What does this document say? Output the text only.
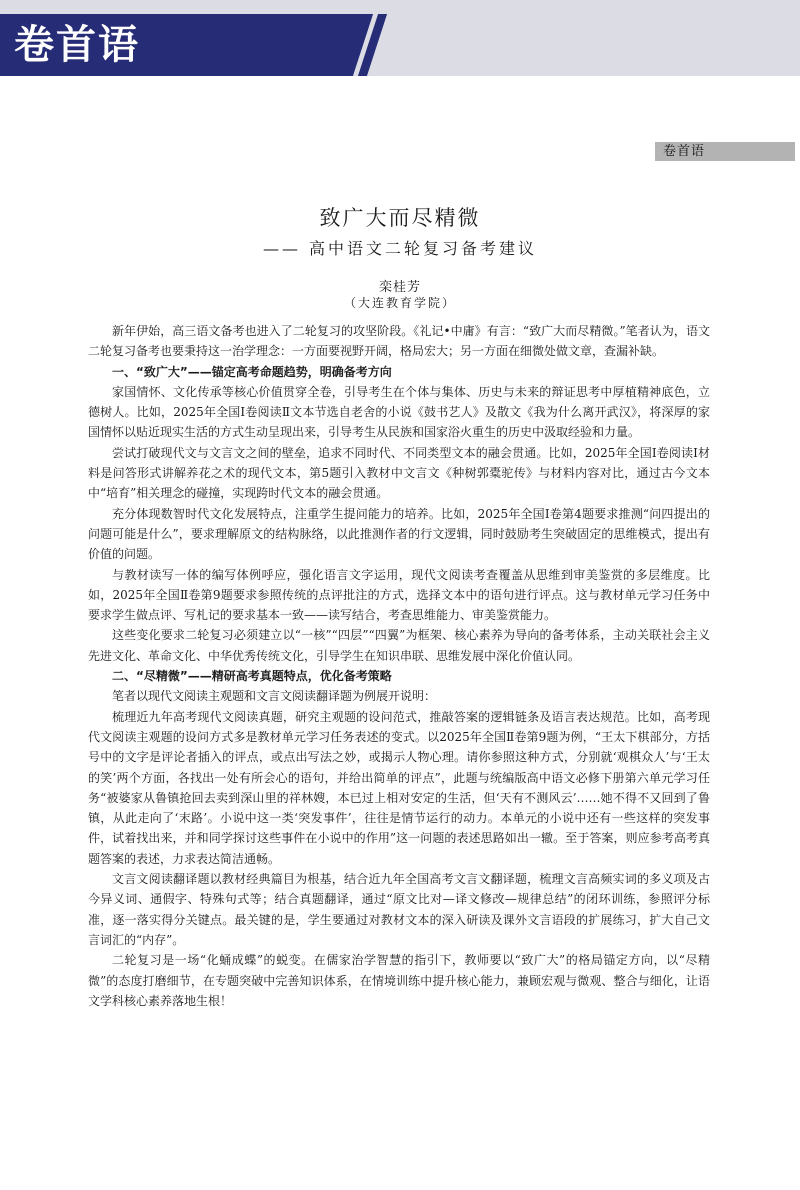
卷首语
卷首语
致广大而尽精微
—— 高中语文二轮复习备考建议
栾桂芳
（大连教育学院）

新年伊始，高三语文备考也进入了二轮复习的攻坚阶段。《礼记•中庸》有言：“致广大而尽精微。”笔者认为，语文二轮复习备考也要秉持这一治学理念：一方面要视野开阔，格局宏大；另一方面在细微处做文章，查漏补缺。

一、“致广大”——锚定高考命题趋势，明确备考方向

家国情怀、文化传承等核心价值贯穿全卷，引导考生在个体与集体、历史与未来的辩证思考中厚植精神底色，立德树人。比如，2025年全国Ⅰ卷阅读Ⅱ文本节选自老舍的小说《鼓书艺人》及散文《我为什么离开武汉》，将深厚的家国情怀以贴近现实生活的方式生动呈现出来，引导考生从民族和国家浴火重生的历史中汲取经验和力量。

尝试打破现代文与文言文之间的壁垒，追求不同时代、不同类型文本的融会贯通。比如，2025年全国Ⅰ卷阅读Ⅰ材料是问答形式讲解养花之术的现代文本，第5题引入教材中文言文《种树郭橐驼传》与材料内容对比，通过古今文本中“培育”相关理念的碰撞，实现跨时代文本的融会贯通。

充分体现数智时代文化发展特点，注重学生提问能力的培养。比如，2025年全国Ⅰ卷第4题要求推测“问四提出的问题可能是什么”，要求理解原文的结构脉络，以此推测作者的行文逻辑，同时鼓励考生突破固定的思维模式，提出有价值的问题。

与教材读写一体的编写体例呼应，强化语言文字运用，现代文阅读考查覆盖从思维到审美鉴赏的多层维度。比如，2025年全国Ⅱ卷第9题要求参照传统的点评批注的方式，选择文本中的语句进行评点。这与教材单元学习任务中要求学生做点评、写札记的要求基本一致——读写结合，考查思维能力、审美鉴赏能力。

这些变化要求二轮复习必须建立以“一核”“四层”“四翼”为框架、核心素养为导向的备考体系，主动关联社会主义先进文化、革命文化、中华优秀传统文化，引导学生在知识串联、思维发展中深化价值认同。

二、“尽精微”——精研高考真题特点，优化备考策略

笔者以现代文阅读主观题和文言文阅读翻译题为例展开说明：

梳理近九年高考现代文阅读真题，研究主观题的设问范式，推敲答案的逻辑链条及语言表达规范。比如，高考现代文阅读主观题的设问方式多是教材单元学习任务表述的变式。以2025年全国Ⅱ卷第9题为例，“王太下棋部分，方括号中的文字是评论者插入的评点，或点出写法之妙，或揭示人物心理。请你参照这种方式，分别就‘观棋众人’与‘王太的笑’两个方面，各找出一处有所会心的语句，并给出简单的评点”，此题与统编版高中语文必修下册第六单元学习任务“被婆家从鲁镇抢回去卖到深山里的祥林嫂，本已过上相对安定的生活，但‘天有不测风云’……她不得不又回到了鲁镇，从此走向了‘末路’。小说中这一类‘突发事件’，往往是情节运行的动力。本单元的小说中还有一些这样的突发事件，试着找出来，并和同学探讨这些事件在小说中的作用”这一问题的表述思路如出一辙。至于答案，则应参考高考真题答案的表述，力求表达简洁通畅。

文言文阅读翻译题以教材经典篇目为根基，结合近九年全国高考文言文翻译题，梳理文言高频实词的多义项及古今异义词、通假字、特殊句式等；结合真题翻译，通过“原文比对—译文修改—规律总结”的闭环训练，参照评分标准，逐一落实得分关键点。最关键的是，学生要通过对教材文本的深入研读及课外文言语段的扩展练习，扩大自己文言词汇的“内存”。

二轮复习是一场“化蛹成蝶”的蜕变。在儒家治学智慧的指引下，教师要以“致广大”的格局锚定方向，以“尽精微”的态度打磨细节，在专题突破中完善知识体系，在情境训练中提升核心能力，兼顾宏观与微观、整合与细化，让语文学科核心素养落地生根！
